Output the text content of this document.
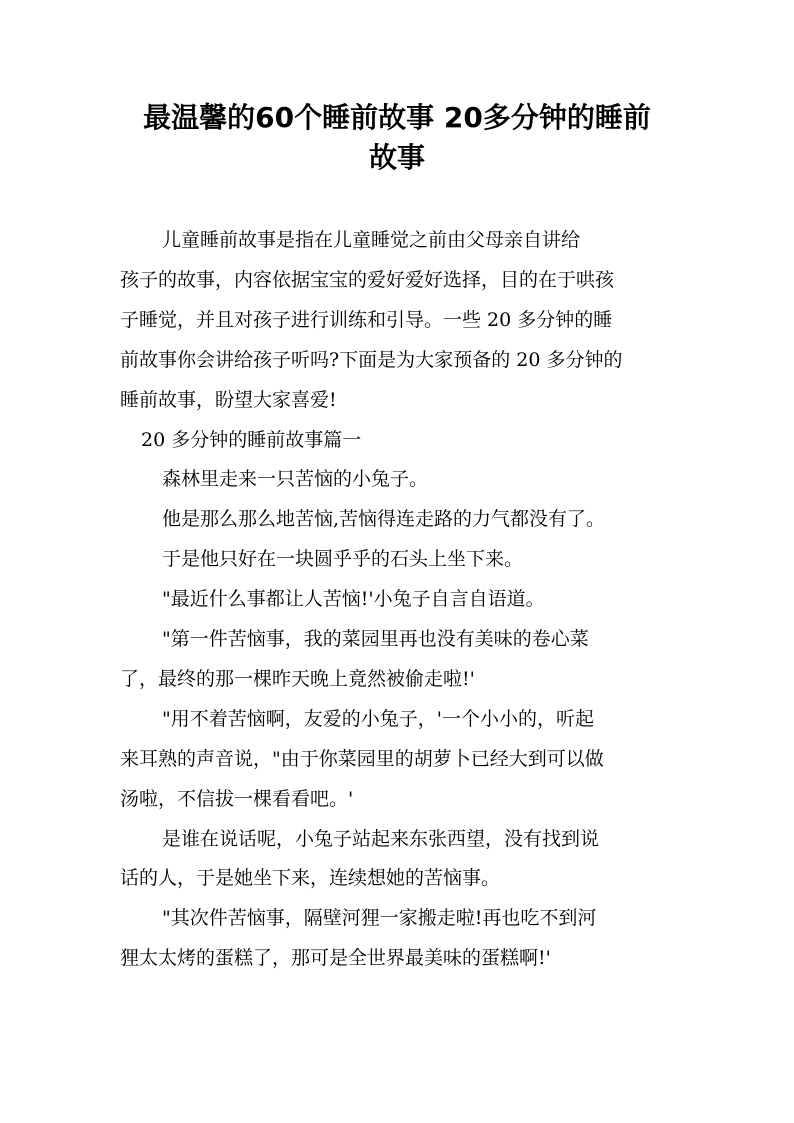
最温馨的60个睡前故事 20多分钟的睡前
故事

儿童睡前故事是指在儿童睡觉之前由父母亲自讲给

孩子的故事，内容依据宝宝的爱好爱好选择，目的在于哄孩

子睡觉，并且对孩子进行训练和引导。一些 20 多分钟的睡

前故事你会讲给孩子听吗?下面是为大家预备的 20 多分钟的

睡前故事，盼望大家喜爱!

20 多分钟的睡前故事篇一

森林里走来一只苦恼的小兔子。

他是那么那么地苦恼,苦恼得连走路的力气都没有了。

于是他只好在一块圆乎乎的石头上坐下来。

"最近什么事都让人苦恼!'小兔子自言自语道。

"第一件苦恼事，我的菜园里再也没有美味的卷心菜

了，最终的那一棵昨天晚上竟然被偷走啦!'

"用不着苦恼啊，友爱的小兔子，'一个小小的，听起

来耳熟的声音说，"由于你菜园里的胡萝卜已经大到可以做

汤啦，不信拔一棵看看吧。'

是谁在说话呢，小兔子站起来东张西望，没有找到说

话的人，于是她坐下来，连续想她的苦恼事。

"其次件苦恼事，隔壁河狸一家搬走啦!再也吃不到河

狸太太烤的蛋糕了，那可是全世界最美味的蛋糕啊!'
